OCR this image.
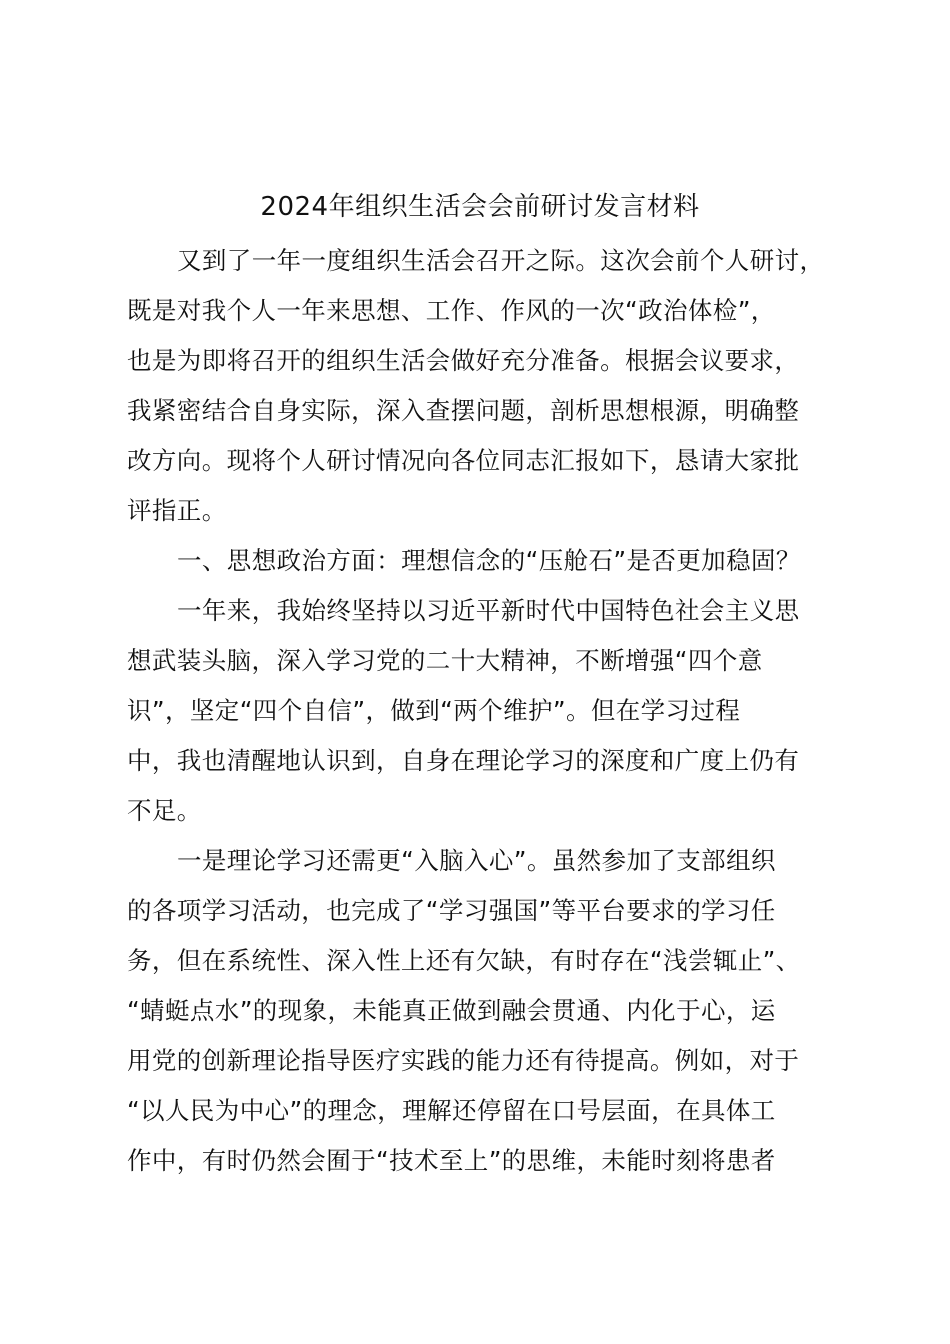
2024年组织生活会会前研讨发言材料
又到了一年一度组织生活会召开之际。这次会前个人研讨，
既是对我个人一年来思想、工作、作风的一次“政治体检”，
也是为即将召开的组织生活会做好充分准备。根据会议要求，
我紧密结合自身实际，深入查摆问题，剖析思想根源，明确整
改方向。现将个人研讨情况向各位同志汇报如下，恳请大家批
评指正。
一、思想政治方面：理想信念的“压舱石”是否更加稳固？
一年来，我始终坚持以习近平新时代中国特色社会主义思
想武装头脑，深入学习党的二十大精神，不断增强“四个意
识”，坚定“四个自信”，做到“两个维护”。但在学习过程
中，我也清醒地认识到，自身在理论学习的深度和广度上仍有
不足。
一是理论学习还需更“入脑入心”。虽然参加了支部组织
的各项学习活动，也完成了“学习强国”等平台要求的学习任
务，但在系统性、深入性上还有欠缺，有时存在“浅尝辄止”、
“蜻蜓点水”的现象，未能真正做到融会贯通、内化于心，运
用党的创新理论指导医疗实践的能力还有待提高。例如，对于
“以人民为中心”的理念，理解还停留在口号层面，在具体工
作中，有时仍然会囿于“技术至上”的思维，未能时刻将患者
